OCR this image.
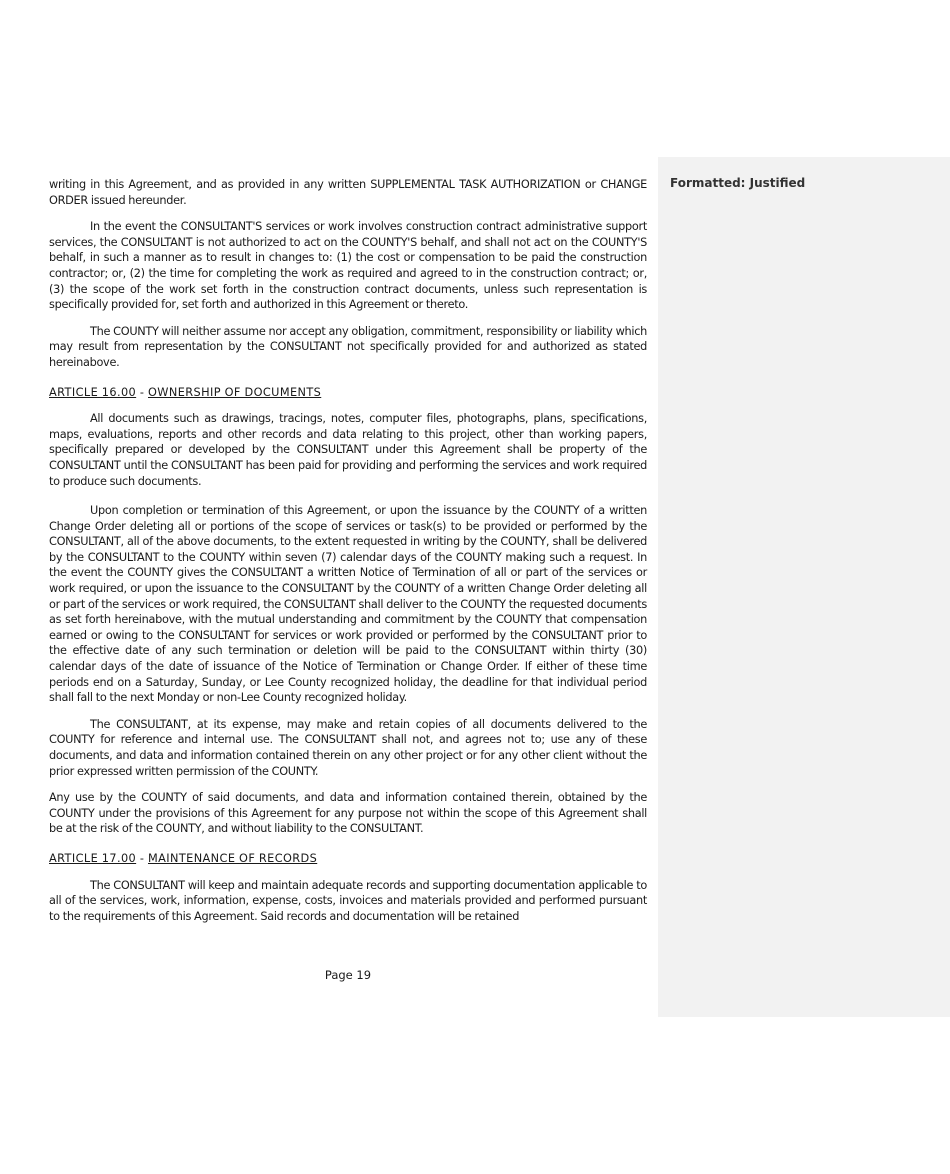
Formatted: Justified

writing in this Agreement, and as provided in any written SUPPLEMENTAL TASK AUTHORIZATION or CHANGE ORDER issued hereunder.

In the event the CONSULTANT'S services or work involves construction contract administrative support services, the CONSULTANT is not authorized to act on the COUNTY'S behalf, and shall not act on the COUNTY'S behalf, in such a manner as to result in changes to: (1) the cost or compensation to be paid the construction contractor; or, (2) the time for completing the work as required and agreed to in the construction contract; or, (3) the scope of the work set forth in the construction contract documents, unless such representation is specifically provided for, set forth and authorized in this Agreement or thereto.

The COUNTY will neither assume nor accept any obligation, commitment, responsibility or liability which may result from representation by the CONSULTANT not specifically provided for and authorized as stated hereinabove.

ARTICLE 16.00 - OWNERSHIP OF DOCUMENTS

All documents such as drawings, tracings, notes, computer files, photographs, plans, specifications, maps, evaluations, reports and other records and data relating to this project, other than working papers, specifically prepared or developed by the CONSULTANT under this Agreement shall be property of the CONSULTANT until the CONSULTANT has been paid for providing and performing the services and work required to produce such documents.

Upon completion or termination of this Agreement, or upon the issuance by the COUNTY of a written Change Order deleting all or portions of the scope of services or task(s) to be provided or performed by the CONSULTANT, all of the above documents, to the extent requested in writing by the COUNTY, shall be delivered by the CONSULTANT to the COUNTY within seven (7) calendar days of the COUNTY making such a request. In the event the COUNTY gives the CONSULTANT a written Notice of Termination of all or part of the services or work required, or upon the issuance to the CONSULTANT by the COUNTY of a written Change Order deleting all or part of the services or work required, the CONSULTANT shall deliver to the COUNTY the requested documents as set forth hereinabove, with the mutual understanding and commitment by the COUNTY that compensation earned or owing to the CONSULTANT for services or work provided or performed by the CONSULTANT prior to the effective date of any such termination or deletion will be paid to the CONSULTANT within thirty (30) calendar days of the date of issuance of the Notice of Termination or Change Order. If either of these time periods end on a Saturday, Sunday, or Lee County recognized holiday, the deadline for that individual period shall fall to the next Monday or non-Lee County recognized holiday.

The CONSULTANT, at its expense, may make and retain copies of all documents delivered to the COUNTY for reference and internal use. The CONSULTANT shall not, and agrees not to; use any of these documents, and data and information contained therein on any other project or for any other client without the prior expressed written permission of the COUNTY.

Any use by the COUNTY of said documents, and data and information contained therein, obtained by the COUNTY under the provisions of this Agreement for any purpose not within the scope of this Agreement shall be at the risk of the COUNTY, and without liability to the CONSULTANT.

ARTICLE 17.00 - MAINTENANCE OF RECORDS

The CONSULTANT will keep and maintain adequate records and supporting documentation applicable to all of the services, work, information, expense, costs, invoices and materials provided and performed pursuant to the requirements of this Agreement. Said records and documentation will be retained

Page 19
